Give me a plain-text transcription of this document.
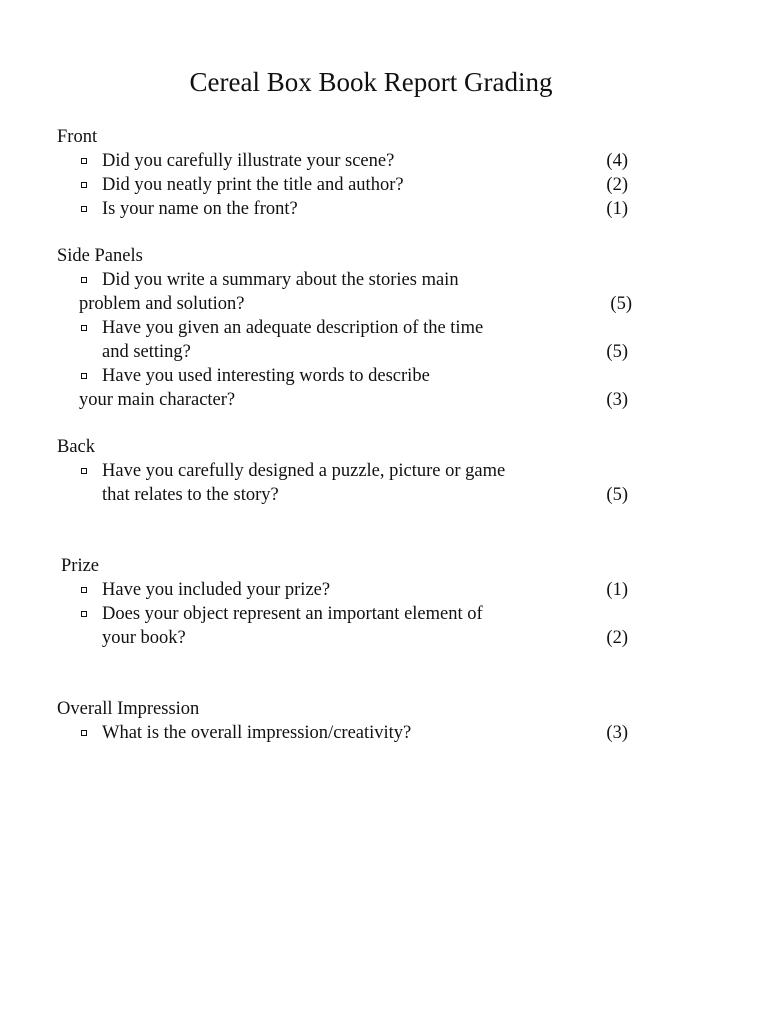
Cereal Box Book Report Grading
Front
Did you carefully illustrate your scene?	(4)
Did you neatly print the title and author?	(2)
Is your name on the front?	(1)
Side Panels
Did you write a summary about the stories main
problem and solution?	(5)
Have you given an adequate description of the time
and setting?	(5)
Have you used interesting words to describe
your main character?	(3)
Back
Have you carefully designed a puzzle, picture or game
that relates to the story?	(5)
Prize
Have you included your prize?	(1)
Does your object represent an important element of
your book?	(2)
Overall Impression
What is the overall impression/creativity?	(3)
